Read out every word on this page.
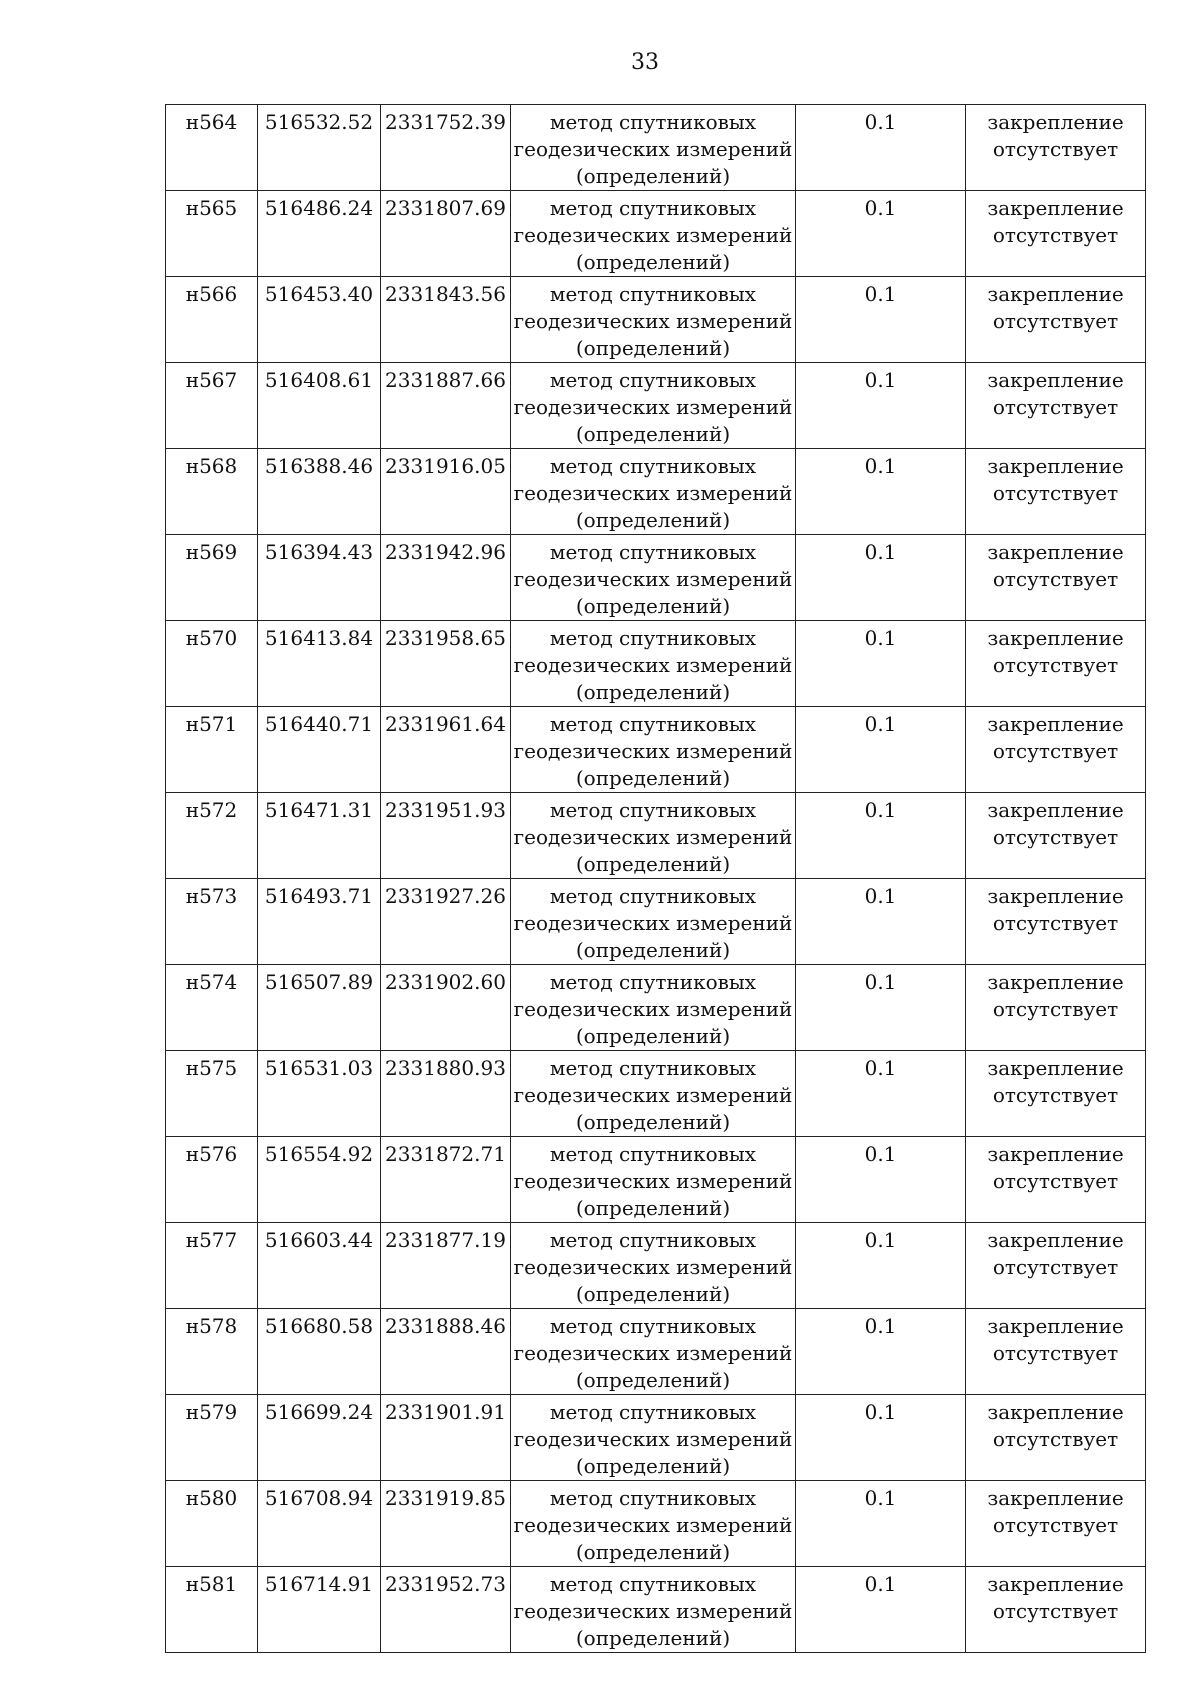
33
н564	516532.52	2331752.39	метод спутниковых геодезических измерений (определений)	0.1	закрепление отсутствует
н565	516486.24	2331807.69	метод спутниковых геодезических измерений (определений)	0.1	закрепление отсутствует
н566	516453.40	2331843.56	метод спутниковых геодезических измерений (определений)	0.1	закрепление отсутствует
н567	516408.61	2331887.66	метод спутниковых геодезических измерений (определений)	0.1	закрепление отсутствует
н568	516388.46	2331916.05	метод спутниковых геодезических измерений (определений)	0.1	закрепление отсутствует
н569	516394.43	2331942.96	метод спутниковых геодезических измерений (определений)	0.1	закрепление отсутствует
н570	516413.84	2331958.65	метод спутниковых геодезических измерений (определений)	0.1	закрепление отсутствует
н571	516440.71	2331961.64	метод спутниковых геодезических измерений (определений)	0.1	закрепление отсутствует
н572	516471.31	2331951.93	метод спутниковых геодезических измерений (определений)	0.1	закрепление отсутствует
н573	516493.71	2331927.26	метод спутниковых геодезических измерений (определений)	0.1	закрепление отсутствует
н574	516507.89	2331902.60	метод спутниковых геодезических измерений (определений)	0.1	закрепление отсутствует
н575	516531.03	2331880.93	метод спутниковых геодезических измерений (определений)	0.1	закрепление отсутствует
н576	516554.92	2331872.71	метод спутниковых геодезических измерений (определений)	0.1	закрепление отсутствует
н577	516603.44	2331877.19	метод спутниковых геодезических измерений (определений)	0.1	закрепление отсутствует
н578	516680.58	2331888.46	метод спутниковых геодезических измерений (определений)	0.1	закрепление отсутствует
н579	516699.24	2331901.91	метод спутниковых геодезических измерений (определений)	0.1	закрепление отсутствует
н580	516708.94	2331919.85	метод спутниковых геодезических измерений (определений)	0.1	закрепление отсутствует
н581	516714.91	2331952.73	метод спутниковых геодезических измерений (определений)	0.1	закрепление отсутствует
